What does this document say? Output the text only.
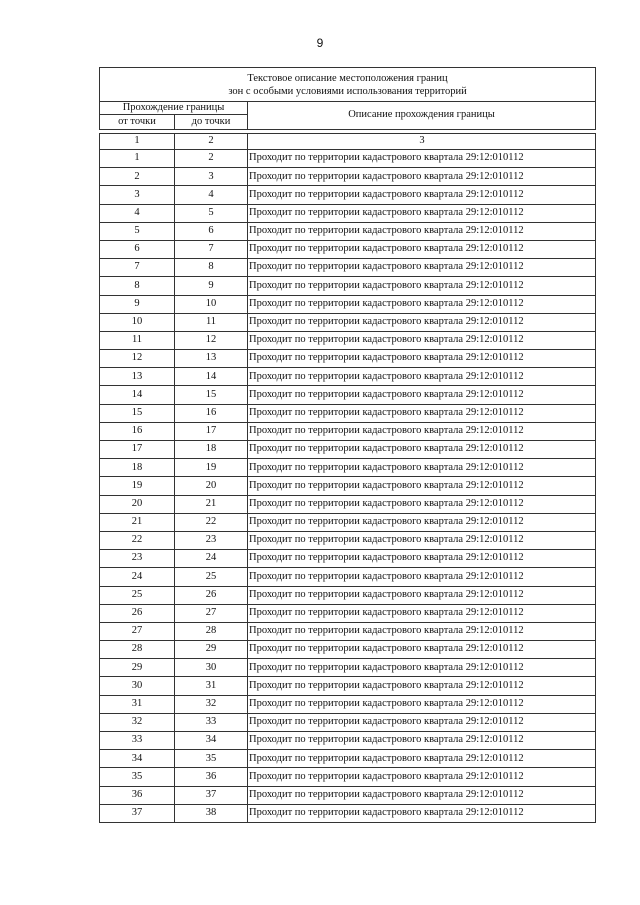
9
Текстовое описание местоположения границ
зон с особыми условиями использования территорий		
Прохождение границы		Описание прохождения границы
от точки	до точки	

1	2	3
1	2	Проходит по территории кадастрового квартала 29:12:010112
2	3	Проходит по территории кадастрового квартала 29:12:010112
3	4	Проходит по территории кадастрового квартала 29:12:010112
4	5	Проходит по территории кадастрового квартала 29:12:010112
5	6	Проходит по территории кадастрового квартала 29:12:010112
6	7	Проходит по территории кадастрового квартала 29:12:010112
7	8	Проходит по территории кадастрового квартала 29:12:010112
8	9	Проходит по территории кадастрового квартала 29:12:010112
9	10	Проходит по территории кадастрового квартала 29:12:010112
10	11	Проходит по территории кадастрового квартала 29:12:010112
11	12	Проходит по территории кадастрового квартала 29:12:010112
12	13	Проходит по территории кадастрового квартала 29:12:010112
13	14	Проходит по территории кадастрового квартала 29:12:010112
14	15	Проходит по территории кадастрового квартала 29:12:010112
15	16	Проходит по территории кадастрового квартала 29:12:010112
16	17	Проходит по территории кадастрового квартала 29:12:010112
17	18	Проходит по территории кадастрового квартала 29:12:010112
18	19	Проходит по территории кадастрового квартала 29:12:010112
19	20	Проходит по территории кадастрового квартала 29:12:010112
20	21	Проходит по территории кадастрового квартала 29:12:010112
21	22	Проходит по территории кадастрового квартала 29:12:010112
22	23	Проходит по территории кадастрового квартала 29:12:010112
23	24	Проходит по территории кадастрового квартала 29:12:010112
24	25	Проходит по территории кадастрового квартала 29:12:010112
25	26	Проходит по территории кадастрового квартала 29:12:010112
26	27	Проходит по территории кадастрового квартала 29:12:010112
27	28	Проходит по территории кадастрового квартала 29:12:010112
28	29	Проходит по территории кадастрового квартала 29:12:010112
29	30	Проходит по территории кадастрового квартала 29:12:010112
30	31	Проходит по территории кадастрового квартала 29:12:010112
31	32	Проходит по территории кадастрового квартала 29:12:010112
32	33	Проходит по территории кадастрового квартала 29:12:010112
33	34	Проходит по территории кадастрового квартала 29:12:010112
34	35	Проходит по территории кадастрового квартала 29:12:010112
35	36	Проходит по территории кадастрового квартала 29:12:010112
36	37	Проходит по территории кадастрового квартала 29:12:010112
37	38	Проходит по территории кадастрового квартала 29:12:010112
